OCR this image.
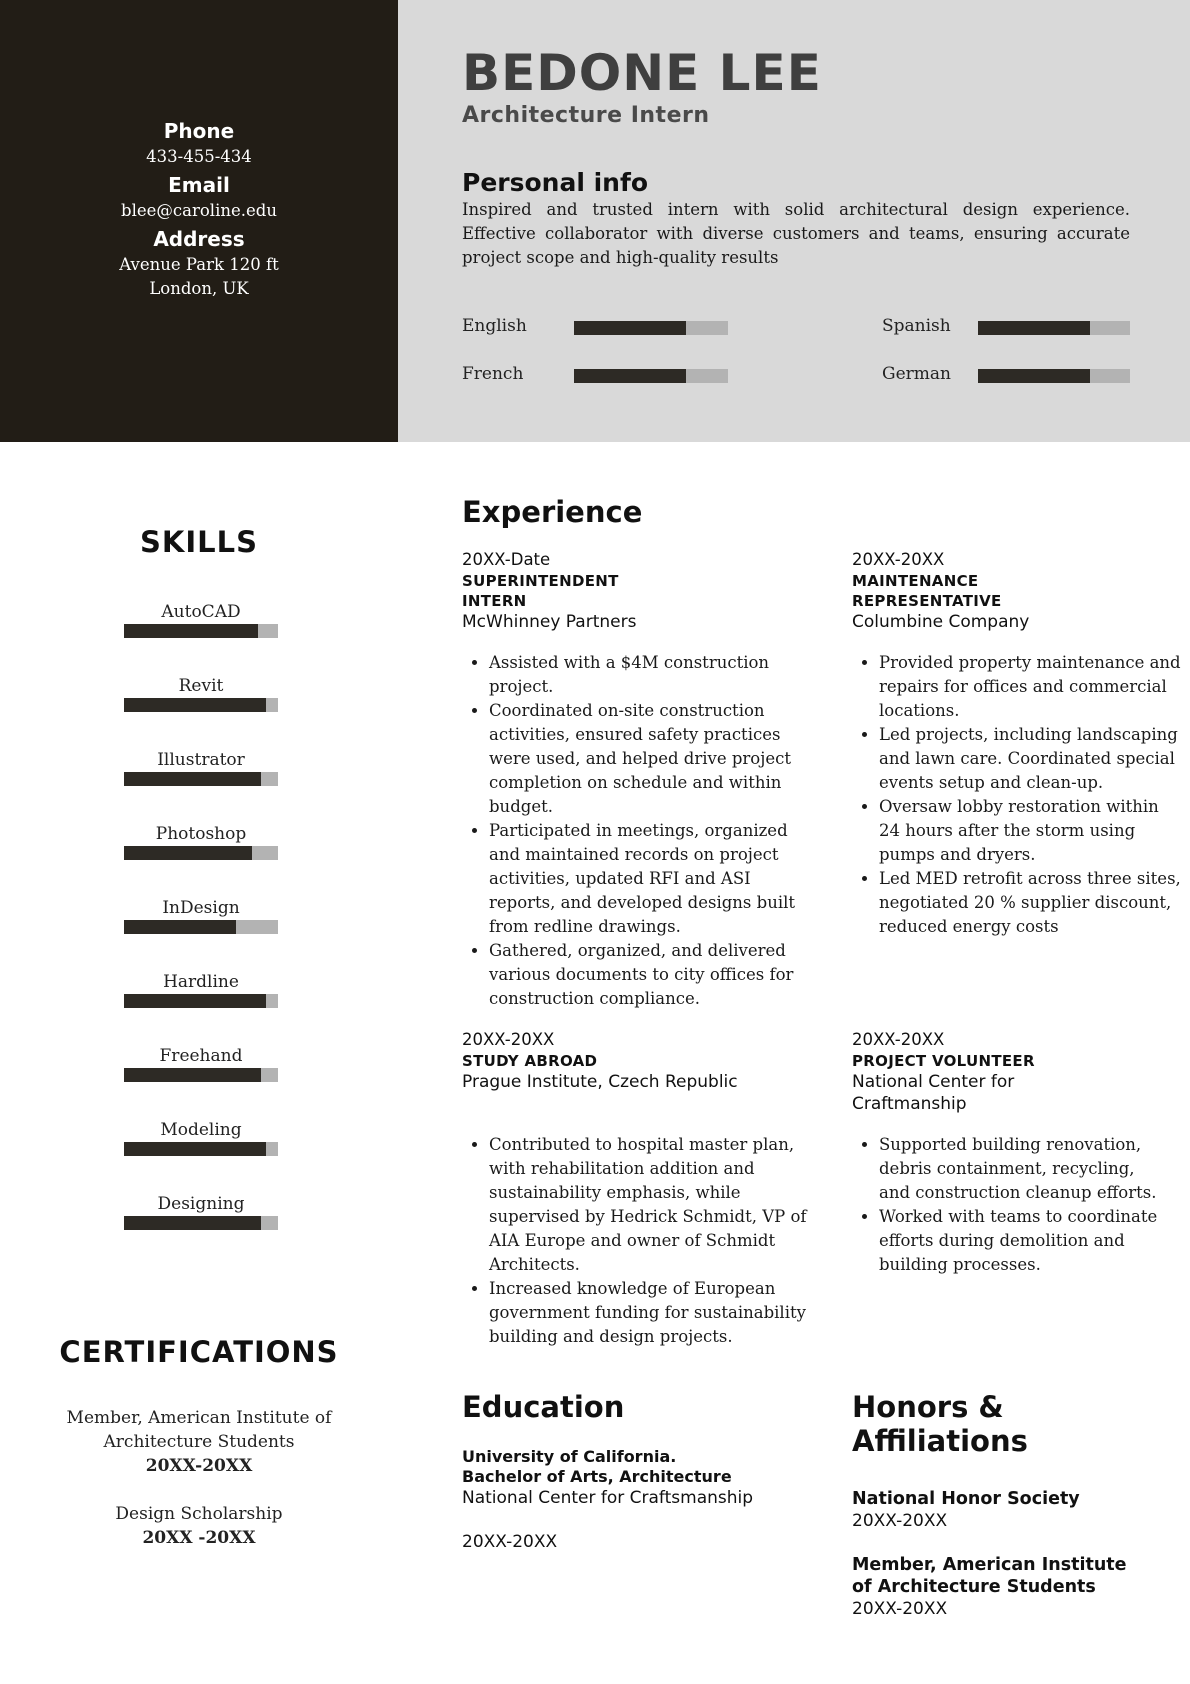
Phone
433-455-434
Email
blee@caroline.edu
Address
Avenue Park 120 ft
London, UK
BEDONE LEE
Architecture Intern
Personal info
Inspired and trusted intern with solid architectural design experience. Effective collaborator with diverse customers and teams, ensuring accurate project scope and high-quality results
English	Spanish
French	German
SKILLS
AutoCAD
Revit
Illustrator
Photoshop
InDesign
Hardline
Freehand
Modeling
Designing
CERTIFICATIONS
Member, American Institute of Architecture Students
20XX-20XX
Design Scholarship
20XX -20XX
Experience
20XX-Date
SUPERINTENDENT
INTERN
McWhinney Partners
• Assisted with a $4M construction project.
• Coordinated on-site construction activities, ensured safety practices were used, and helped drive project completion on schedule and within budget.
• Participated in meetings, organized and maintained records on project activities, updated RFI and ASI reports, and developed designs built from redline drawings.
• Gathered, organized, and delivered various documents to city offices for construction compliance.
20XX-20XX
MAINTENANCE
REPRESENTATIVE
Columbine Company
• Provided property maintenance and repairs for offices and commercial locations.
• Led projects, including landscaping and lawn care. Coordinated special events setup and clean-up.
• Oversaw lobby restoration within 24 hours after the storm using pumps and dryers.
• Led MED retrofit across three sites, negotiated 20 % supplier discount, reduced energy costs
20XX-20XX
STUDY ABROAD
Prague Institute, Czech Republic
• Contributed to hospital master plan, with rehabilitation addition and sustainability emphasis, while supervised by Hedrick Schmidt, VP of AIA Europe and owner of Schmidt Architects.
• Increased knowledge of European government funding for sustainability building and design projects.
20XX-20XX
PROJECT VOLUNTEER
National Center for Craftmanship
• Supported building renovation, debris containment, recycling, and construction cleanup efforts.
• Worked with teams to coordinate efforts during demolition and building processes.
Education
University of California.
Bachelor of Arts, Architecture
National Center for Craftsmanship
20XX-20XX
Honors & Affiliations
National Honor Society
20XX-20XX
Member, American Institute of Architecture Students
20XX-20XX
